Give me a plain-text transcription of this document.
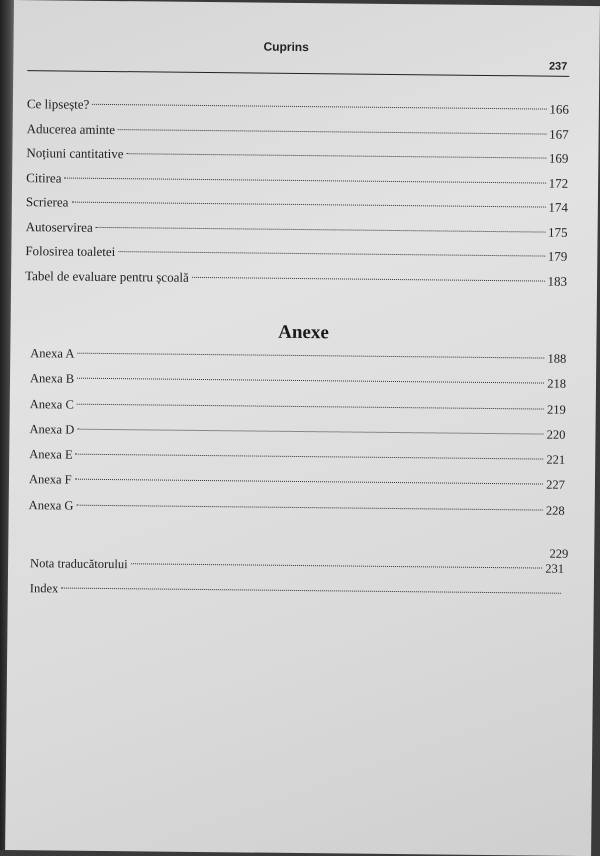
Cuprins
237
Ce lipsește?	166
Aducerea aminte	167
Noțiuni cantitative	169
Citirea	172
Scrierea	174
Autoservirea	175
Folosirea toaletei	179
Tabel de evaluare pentru școală	183
Anexe
Anexa A	188
Anexa B	218
Anexa C	219
Anexa D	220
Anexa E	221
Anexa F	227
Anexa G	228
229
Nota traducătorului	231
Index
